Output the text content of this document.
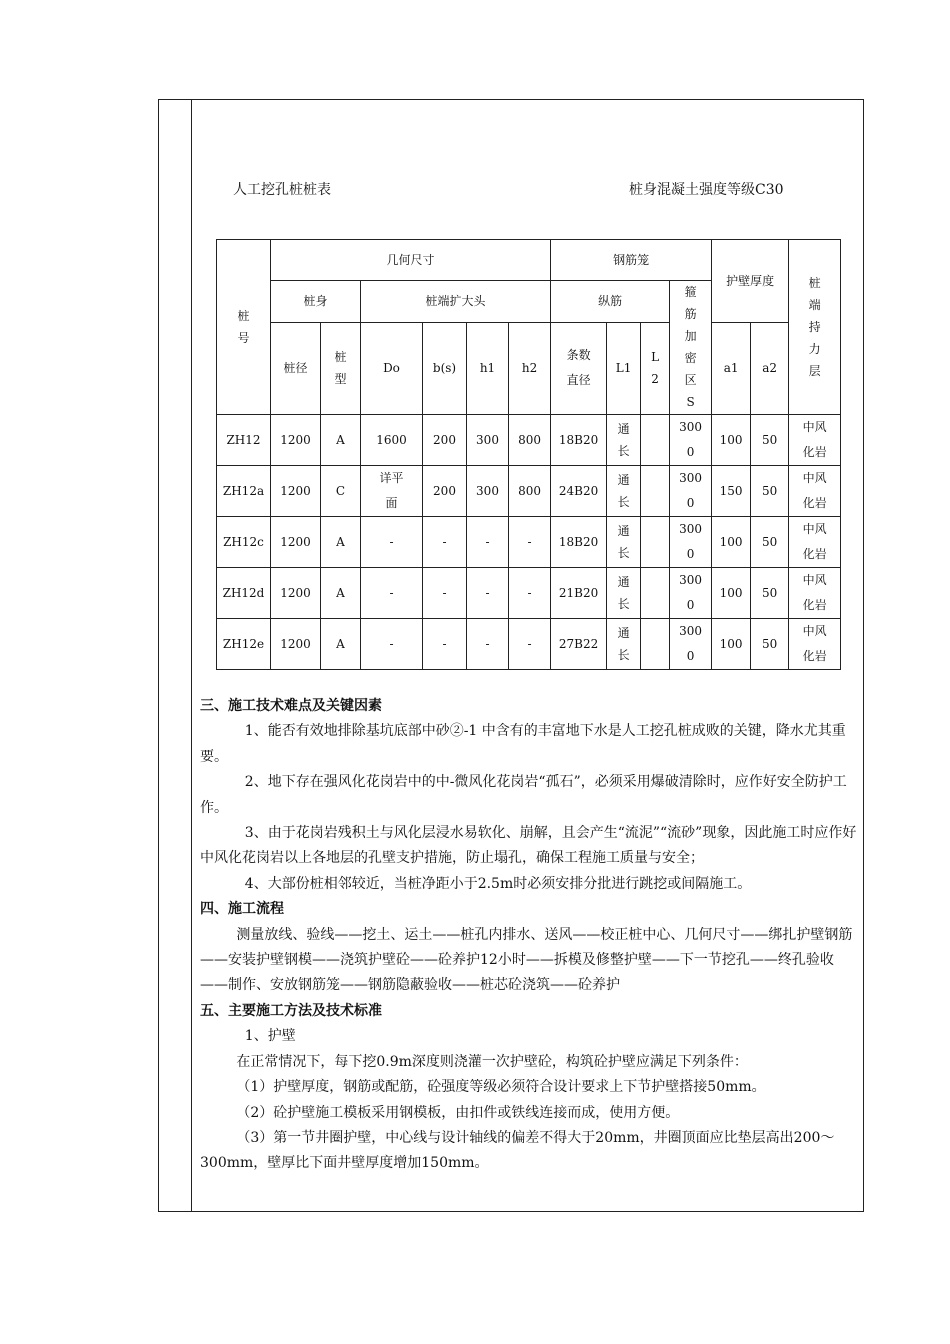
人工挖孔桩桩表	桩身混凝土强度等级C30
桩号	几何尺寸						钢筋笼				护壁厚度		桩端持力层
	桩身		桩端扩大头				纵筋			箍筋加密区S			
	桩径	桩型	Do	b(s)	h1	h2	条数直径	L1	L2		a1	a2	
ZH12	1200	A	1600	200	300	800	18B20	通长		3000	100	50	中风化岩
ZH12a	1200	C	详平面	200	300	800	24B20	通长		3000	150	50	中风化岩
ZH12c	1200	A	-	-	-	-	18B20	通长		3000	100	50	中风化岩
ZH12d	1200	A	-	-	-	-	21B20	通长		3000	100	50	中风化岩
ZH12e	1200	A	-	-	-	-	27B22	通长		3000	100	50	中风化岩

三、施工技术难点及关键因素

1、能否有效地排除基坑底部中砂②-1 中含有的丰富地下水是人工挖孔桩成败的关键，降水尤其重要。

2、地下存在强风化花岗岩中的中-微风化花岗岩“孤石”，必须采用爆破清除时，应作好安全防护工作。

3、由于花岗岩残积土与风化层浸水易软化、崩解，且会产生“流泥”“流砂”现象，因此施工时应作好中风化花岗岩以上各地层的孔壁支护措施，防止塌孔，确保工程施工质量与安全；

4、大部份桩相邻较近，当桩净距小于2.5m时必须安排分批进行跳挖或间隔施工。

四、施工流程

测量放线、验线——挖土、运土——桩孔内排水、送风——校正桩中心、几何尺寸——绑扎护壁钢筋——安装护壁钢模——浇筑护壁砼——砼养护12小时——拆模及修整护壁——下一节挖孔——终孔验收——制作、安放钢筋笼——钢筋隐蔽验收——桩芯砼浇筑——砼养护

五、主要施工方法及技术标准

1、护壁

在正常情况下，每下挖0.9m深度则浇灌一次护壁砼，构筑砼护壁应满足下列条件：

（1）护壁厚度，钢筋或配筋，砼强度等级必须符合设计要求上下节护壁搭接50mm。

（2）砼护壁施工模板采用钢模板，由扣件或铁线连接而成，使用方便。

（3）第一节井圈护壁，中心线与设计轴线的偏差不得大于20mm，井圈顶面应比垫层高出200～300mm，壁厚比下面井壁厚度增加150mm。
